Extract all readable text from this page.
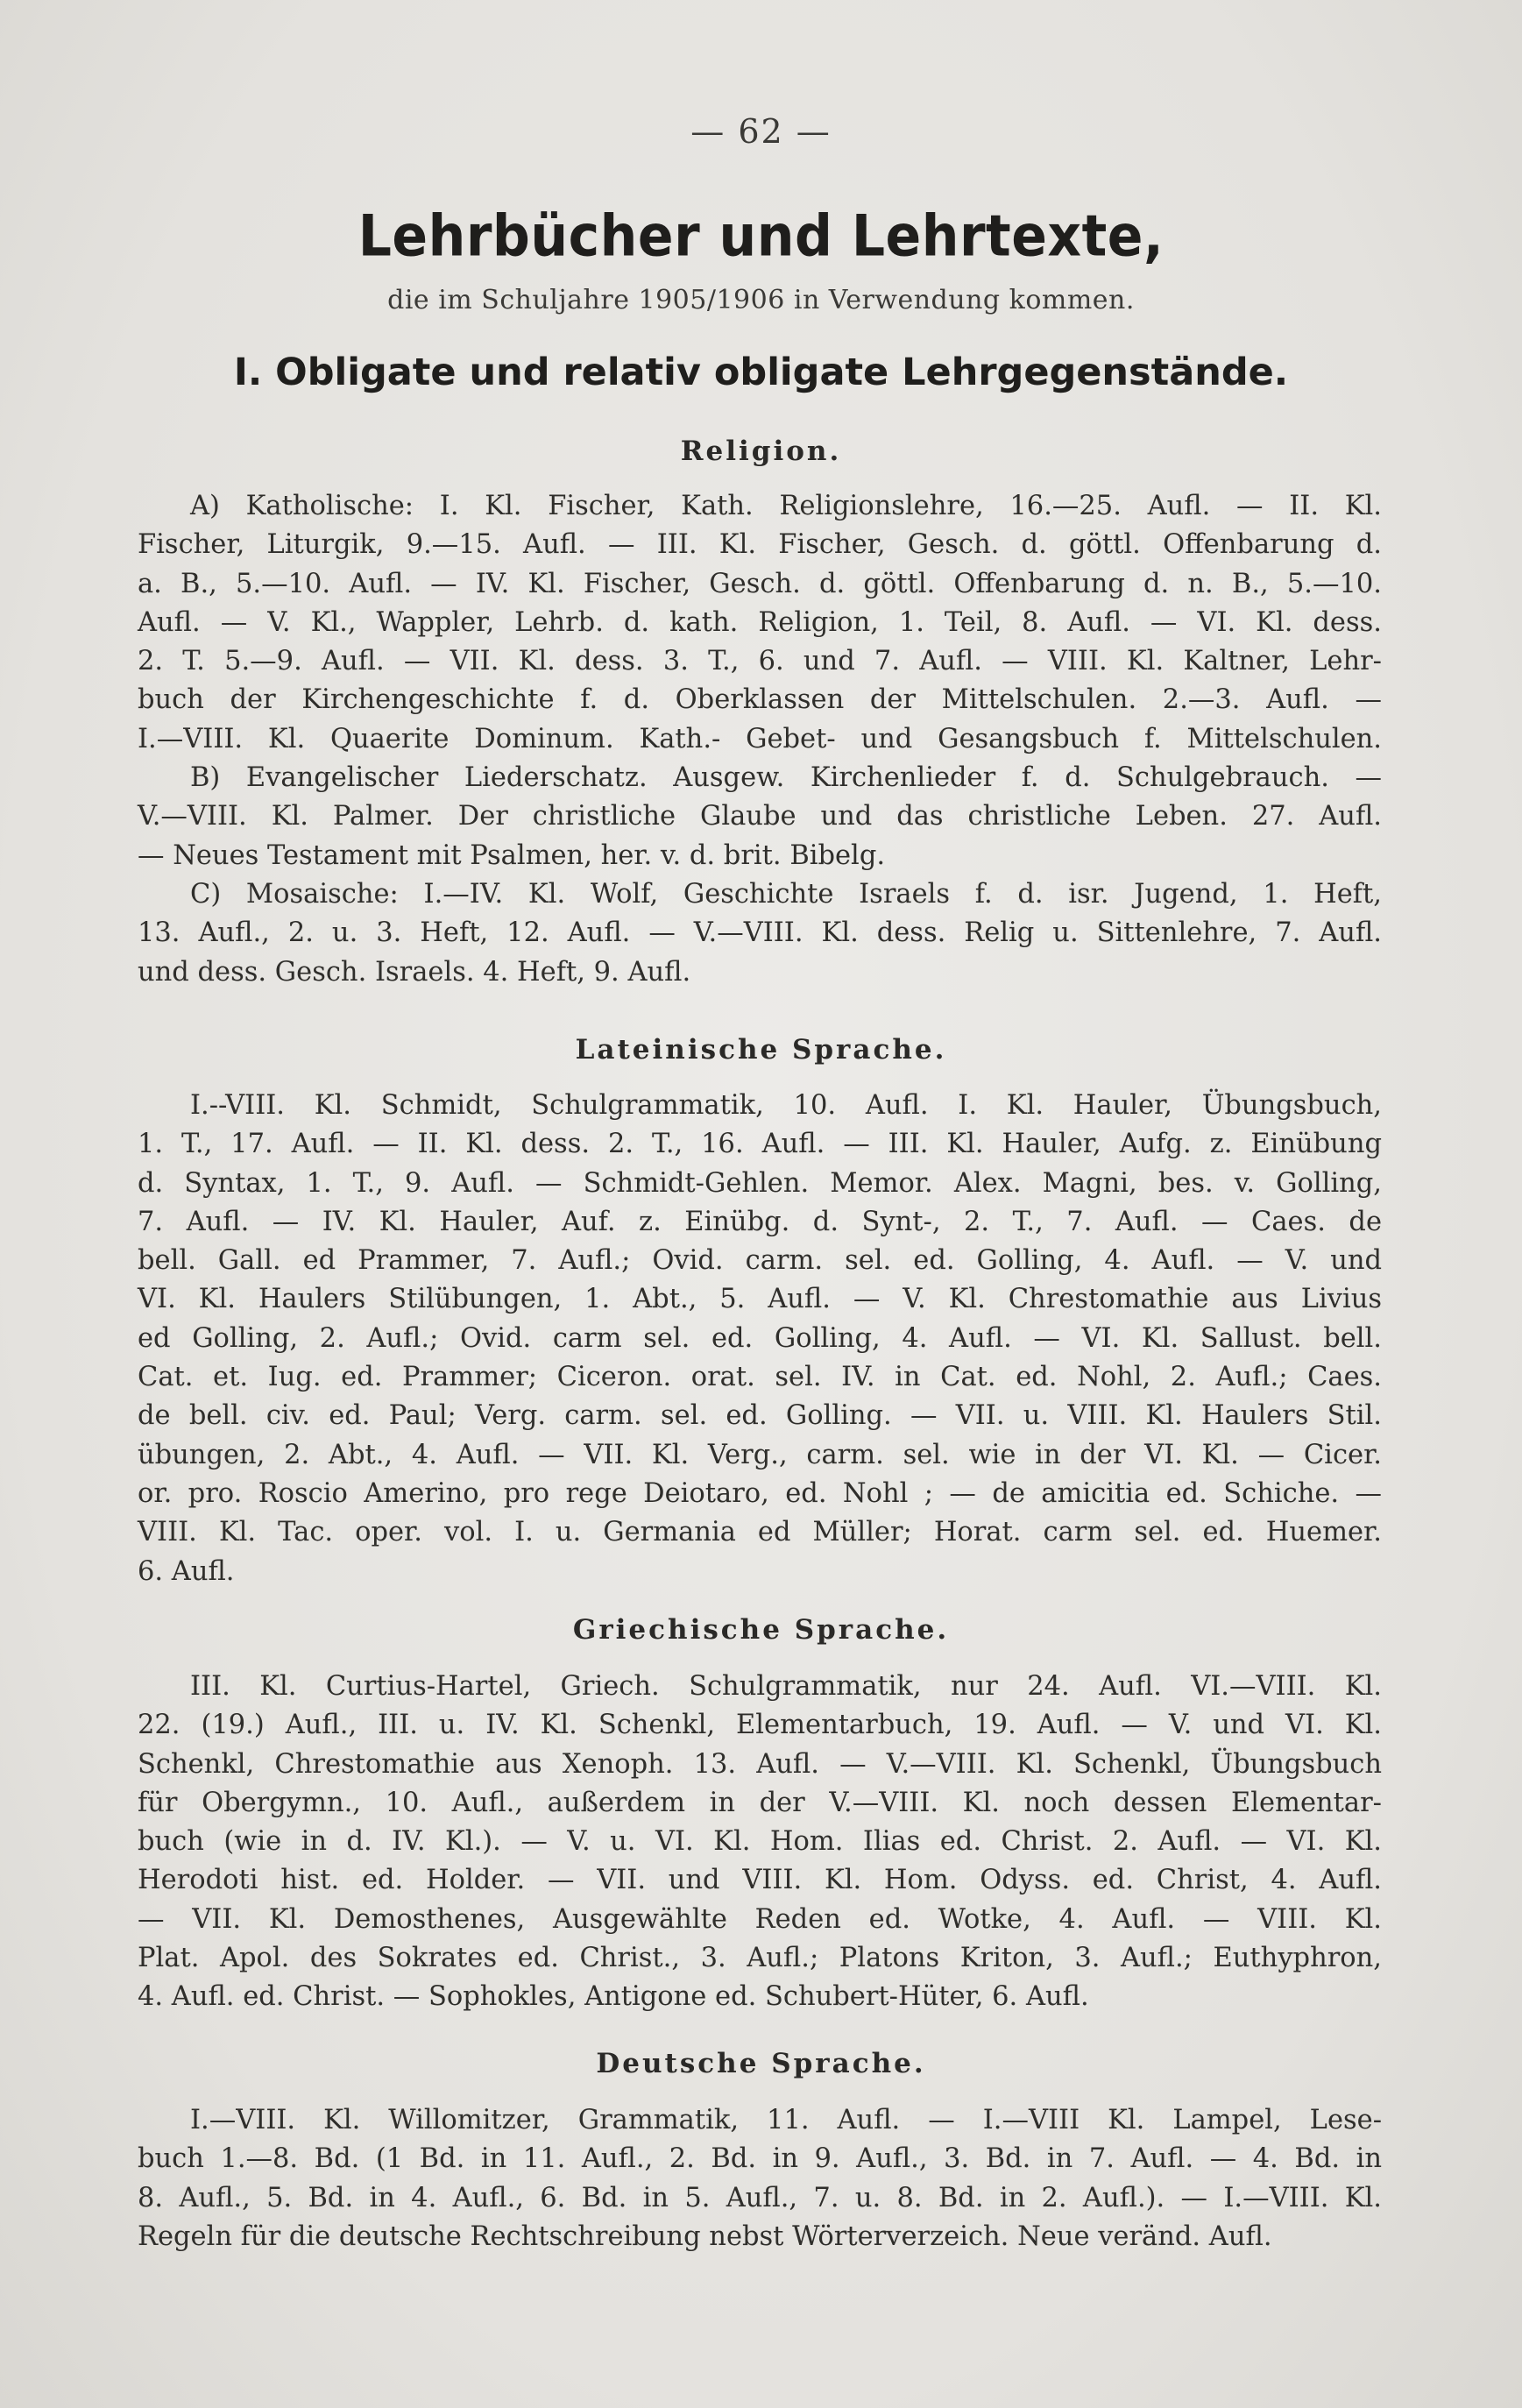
— 62 —
Lehrbücher und Lehrtexte,
die im Schuljahre 1905/1906 in Verwendung kommen.
I. Obligate und relativ obligate Lehrgegenstände.
Religion.
A) Katholische: I. Kl. Fischer, Kath. Religionslehre, 16.—25. Aufl. — II. Kl.
Fischer, Liturgik, 9.—15. Aufl. — III. Kl. Fischer, Gesch. d. göttl. Offenbarung d.
a. B., 5.—10. Aufl. — IV. Kl. Fischer, Gesch. d. göttl. Offenbarung d. n. B., 5.—10.
Aufl. — V. Kl., Wappler, Lehrb. d. kath. Religion, 1. Teil, 8. Aufl. — VI. Kl. dess.
2. T. 5.—9. Aufl. — VII. Kl. dess. 3. T., 6. und 7. Aufl. — VIII. Kl. Kaltner, Lehr-
buch der Kirchengeschichte f. d. Oberklassen der Mittelschulen. 2.—3. Aufl. —
I.—VIII. Kl. Quaerite Dominum. Kath.- Gebet- und Gesangsbuch f. Mittelschulen.
B) Evangelischer Liederschatz. Ausgew. Kirchenlieder f. d. Schulgebrauch. —
V.—VIII. Kl. Palmer. Der christliche Glaube und das christliche Leben. 27. Aufl.
— Neues Testament mit Psalmen, her. v. d. brit. Bibelg.
C) Mosaische: I.—IV. Kl. Wolf, Geschichte Israels f. d. isr. Jugend, 1. Heft,
13. Aufl., 2. u. 3. Heft, 12. Aufl. — V.—VIII. Kl. dess. Relig u. Sittenlehre, 7. Aufl.
und dess. Gesch. Israels. 4. Heft, 9. Aufl.
Lateinische Sprache.
I.--VIII. Kl. Schmidt, Schulgrammatik, 10. Aufl. I. Kl. Hauler, Übungsbuch,
1. T., 17. Aufl. — II. Kl. dess. 2. T., 16. Aufl. — III. Kl. Hauler, Aufg. z. Einübung
d. Syntax, 1. T., 9. Aufl. — Schmidt-Gehlen. Memor. Alex. Magni, bes. v. Golling,
7. Aufl. — IV. Kl. Hauler, Auf. z. Einübg. d. Synt-, 2. T., 7. Aufl. — Caes. de
bell. Gall. ed Prammer, 7. Aufl.; Ovid. carm. sel. ed. Golling, 4. Aufl. — V. und
VI. Kl. Haulers Stilübungen, 1. Abt., 5. Aufl. — V. Kl. Chrestomathie aus Livius
ed Golling, 2. Aufl.; Ovid. carm sel. ed. Golling, 4. Aufl. — VI. Kl. Sallust. bell.
Cat. et. Iug. ed. Prammer; Ciceron. orat. sel. IV. in Cat. ed. Nohl, 2. Aufl.; Caes.
de bell. civ. ed. Paul; Verg. carm. sel. ed. Golling. — VII. u. VIII. Kl. Haulers Stil.
übungen, 2. Abt., 4. Aufl. — VII. Kl. Verg., carm. sel. wie in der VI. Kl. — Cicer.
or. pro. Roscio Amerino, pro rege Deiotaro, ed. Nohl ; — de amicitia ed. Schiche. —
VIII. Kl. Tac. oper. vol. I. u. Germania ed Müller; Horat. carm sel. ed. Huemer.
6. Aufl.
Griechische Sprache.
III. Kl. Curtius-Hartel, Griech. Schulgrammatik, nur 24. Aufl. VI.—VIII. Kl.
22. (19.) Aufl., III. u. IV. Kl. Schenkl, Elementarbuch, 19. Aufl. — V. und VI. Kl.
Schenkl, Chrestomathie aus Xenoph. 13. Aufl. — V.—VIII. Kl. Schenkl, Übungsbuch
für Obergymn., 10. Aufl., außerdem in der V.—VIII. Kl. noch dessen Elementar-
buch (wie in d. IV. Kl.). — V. u. VI. Kl. Hom. Ilias ed. Christ. 2. Aufl. — VI. Kl.
Herodoti hist. ed. Holder. — VII. und VIII. Kl. Hom. Odyss. ed. Christ, 4. Aufl.
— VII. Kl. Demosthenes, Ausgewählte Reden ed. Wotke, 4. Aufl. — VIII. Kl.
Plat. Apol. des Sokrates ed. Christ., 3. Aufl.; Platons Kriton, 3. Aufl.; Euthyphron,
4. Aufl. ed. Christ. — Sophokles, Antigone ed. Schubert-Hüter, 6. Aufl.
Deutsche Sprache.
I.—VIII. Kl. Willomitzer, Grammatik, 11. Aufl. — I.—VIII Kl. Lampel, Lese-
buch 1.—8. Bd. (1 Bd. in 11. Aufl., 2. Bd. in 9. Aufl., 3. Bd. in 7. Aufl. — 4. Bd. in
8. Aufl., 5. Bd. in 4. Aufl., 6. Bd. in 5. Aufl., 7. u. 8. Bd. in 2. Aufl.). — I.—VIII. Kl.
Regeln für die deutsche Rechtschreibung nebst Wörterverzeich. Neue veränd. Aufl.
